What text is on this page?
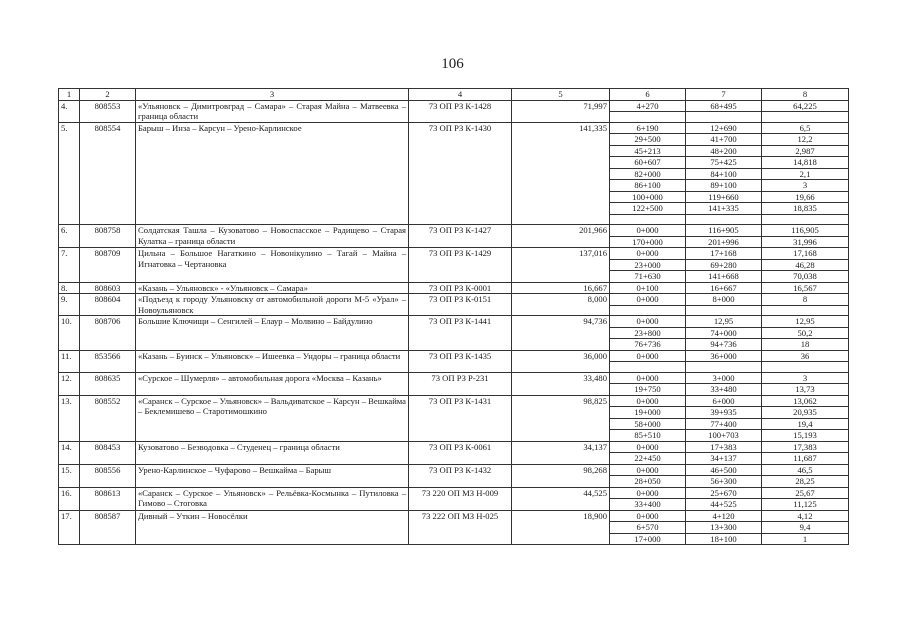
106
1	2	3	4	5	6	7	8
4.	808553	«Ульяновск – Димитровград – Самара» – Старая Майна – Матвеевка – граница области	73 ОП РЗ К-1428	71,997	4+270	68+495	64,225

5.	808554	Барыш – Инза – Карсун – Урено-Карлинское	73 ОП РЗ К-1430	141,335	6+190	12+690	6,5
					29+500	41+700	12,2
					45+213	48+200	2,987
					60+607	75+425	14,818
					82+000	84+100	2,1
					86+100	89+100	3
					100+000	119+660	19,66
					122+500	141+335	18,835

6.	808758	Солдатская Ташла – Кузоватово – Новоспасское – Радищево – Старая Кулатка – граница области	73 ОП РЗ К-1427	201,966	0+000	116+905	116,905
					170+000	201+996	31,996
7.	808709	Цильна – Большое Нагаткино – Новонікулино – Тагай – Майна – Игнатовка – Чертановка	73 ОП РЗ К-1429	137,016	0+000	17+168	17,168
					23+000	69+280	46,28
					71+630	141+668	70,038
8.	808603	«Казань – Ульяновск» - «Ульяновск – Самара»	73 ОП РЗ К-0001	16,667	0+100	16+667	16,567
9.	808604	«Подъезд к городу Ульяновску от автомобильной дороги М-5 «Урал» – Новоульяновск	73 ОП РЗ К-0151	8,000	0+000	8+000	8

10.	808706	Большие Ключищи – Сенгилей – Елаур – Молвино – Байдулино	73 ОП РЗ К-1441	94,736	0+000	12,95	12,95
					23+800	74+000	50,2
					76+736	94+736	18
11.	853566	«Казань – Буинск – Ульяновск» – Ишеевка – Ундоры – граница области	73 ОП РЗ К-1435	36,000	0+000	36+000	36

12.	808635	«Сурское – Шумерля» – автомобильная дорога «Москва – Казань»	73 ОП РЗ Р-231	33,480	0+000	3+000	3
					19+750	33+480	13,73
13.	808552	«Саранск – Сурское – Ульяновск» – Вальдиватское – Карсун – Вешкайма – Беклемишево – Старотимошкино	73 ОП РЗ К-1431	98,825	0+000	6+000	13,062
					19+000	39+935	20,935
					58+000	77+400	19,4
					85+510	100+703	15,193
14.	808453	Кузоватово – Безводовка – Студенец – граница области	73 ОП РЗ К-0061	34,137	0+000	17+383	17,383
					22+450	34+137	11,687
15.	808556	Урено-Карлинское – Чуфарово – Вешкайма – Барыш	73 ОП РЗ К-1432	98,268	0+000	46+500	46,5
					28+050	56+300	28,25
16.	808613	«Саранск – Сурское – Ульяновск» – Рельёвка-Космынка – Путиловка – Гимово – Стоговка	73 220 ОП МЗ Н-009	44,525	0+000	25+670	25,67
					33+400	44+525	11,125
17.	808587	Дивный – Уткин – Новосёлки	73 222 ОП МЗ Н-025	18,900	0+000	4+120	4,12
					6+570	13+300	9,4
					17+000	18+100	1
